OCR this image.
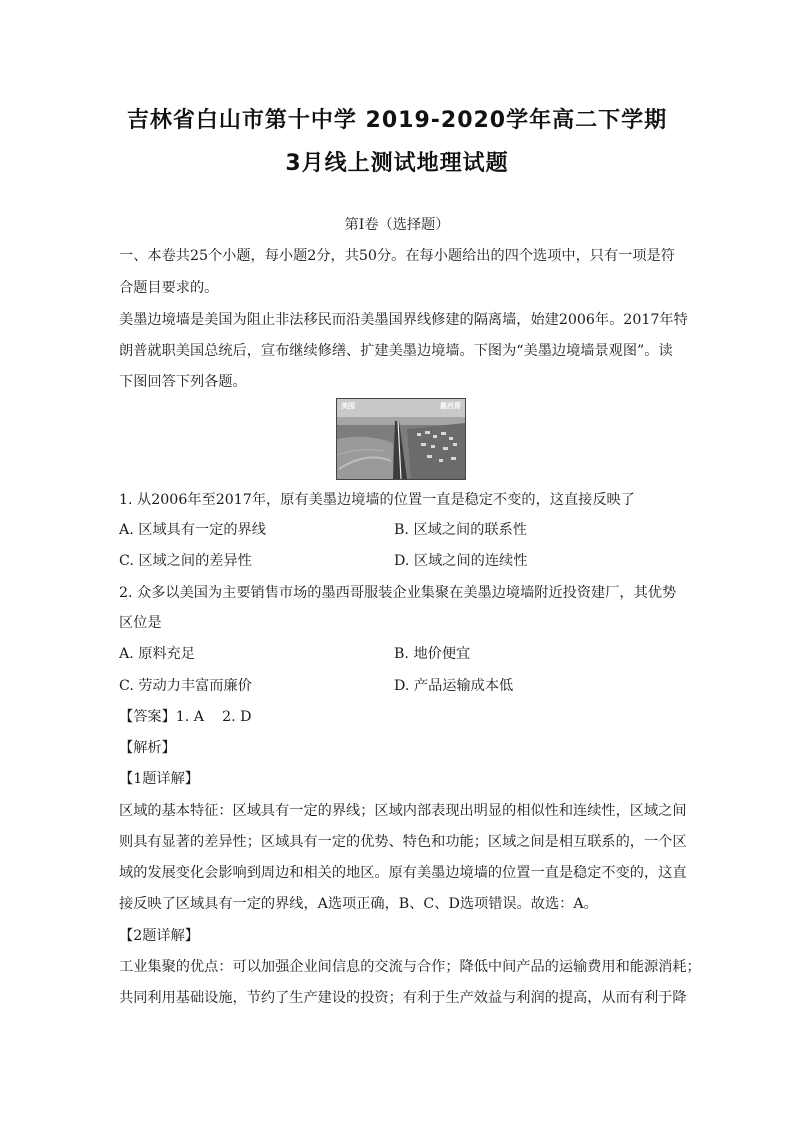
吉林省白山市第十中学 2019-2020学年高二下学期
3月线上测试地理试题
第Ⅰ卷（选择题）
一、本卷共25个小题，每小题2分，共50分。在每小题给出的四个选项中，只有一项是符
合题目要求的。
美墨边境墙是美国为阻止非法移民而沿美墨国界线修建的隔离墙，始建2006年。2017年特
朗普就职美国总统后，宣布继续修缮、扩建美墨边境墙。下图为“美墨边境墙景观图”。读
下图回答下列各题。
美国	墨西哥
1. 从2006年至2017年，原有美墨边境墙的位置一直是稳定不变的，这直接反映了
A. 区域具有一定的界线	B. 区域之间的联系性
C. 区域之间的差异性	D. 区域之间的连续性
2. 众多以美国为主要销售市场的墨西哥服装企业集聚在美墨边境墙附近投资建厂，其优势
区位是
A. 原料充足	B. 地价便宜
C. 劳动力丰富而廉价	D. 产品运输成本低
【答案】1. A    2. D
【解析】
【1题详解】
区域的基本特征：区域具有一定的界线；区域内部表现出明显的相似性和连续性，区域之间
则具有显著的差异性；区域具有一定的优势、特色和功能；区域之间是相互联系的，一个区
域的发展变化会影响到周边和相关的地区。原有美墨边境墙的位置一直是稳定不变的，这直
接反映了区域具有一定的界线，A选项正确，B、C、D选项错误。故选：A。
【2题详解】
工业集聚的优点：可以加强企业间信息的交流与合作；降低中间产品的运输费用和能源消耗；
共同利用基础设施，节约了生产建设的投资；有利于生产效益与利润的提高，从而有利于降
